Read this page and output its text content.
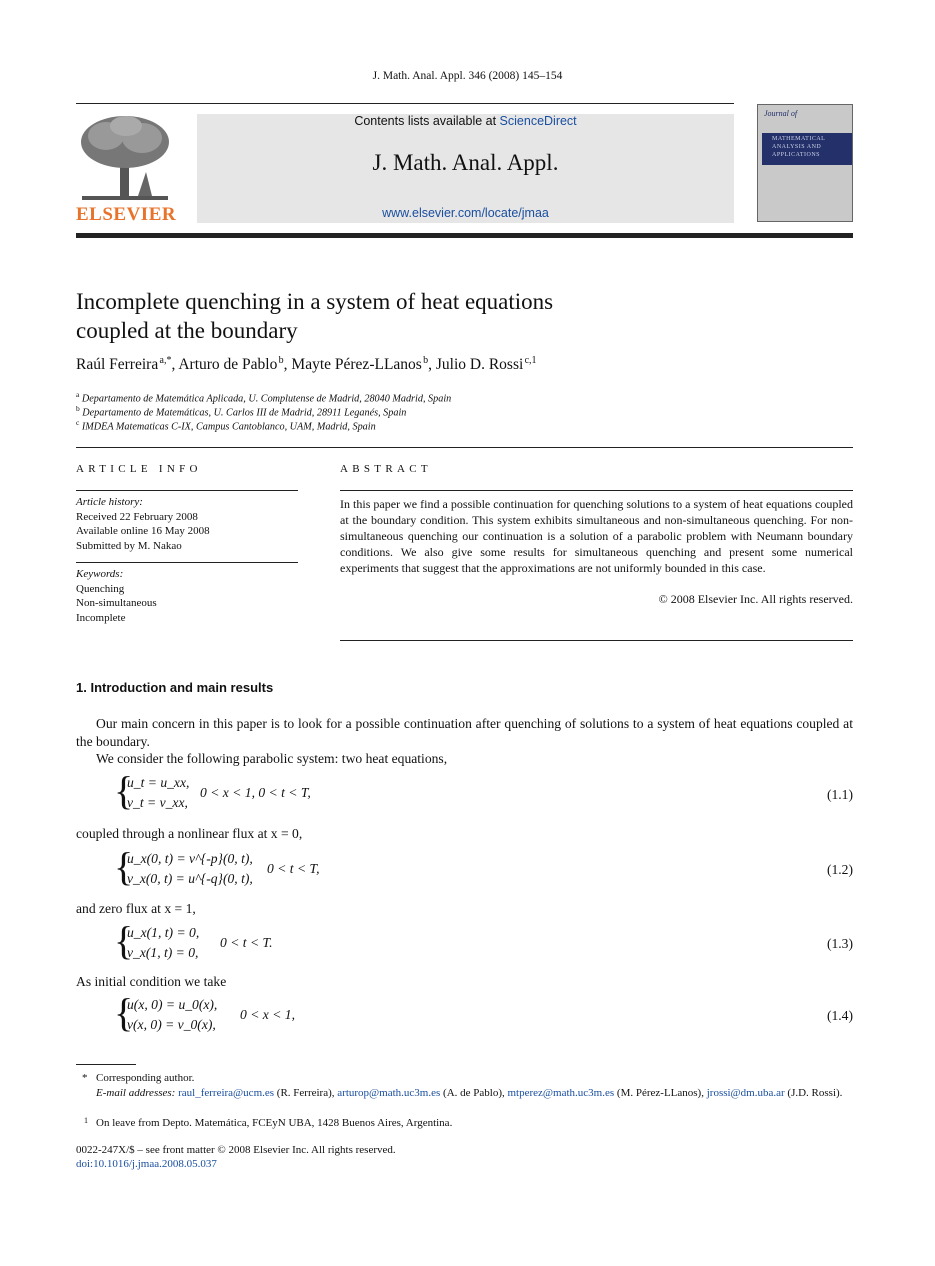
J. Math. Anal. Appl. 346 (2008) 145–154
ELSEVIER
Contents lists available at ScienceDirect
J. Math. Anal. Appl.
www.elsevier.com/locate/jmaa
Journal of
MATHEMATICAL ANALYSIS AND APPLICATIONS
Incomplete quenching in a system of heat equations
coupled at the boundary
Raúl Ferreira $^{a,*}$, Arturo de Pablo $^b$, Mayte Pérez-LLanos $^b$, Julio D. Rossi $^{c,1}$
$^a$ Departamento de Matemática Aplicada, U. Complutense de Madrid, 28040 Madrid, Spain
$^b$ Departamento de Matemáticas, U. Carlos III de Madrid, 28911 Leganés, Spain
$^c$ IMDEA Matematicas C-IX, Campus Cantoblanco, UAM, Madrid, Spain
ARTICLE INFO
Article history:
Received 22 February 2008
Available online 16 May 2008
Submitted by M. Nakao
Keywords:
Quenching
Non-simultaneous
Incomplete
ABSTRACT
In this paper we find a possible continuation for quenching solutions to a system of heat equations coupled at the boundary condition. This system exhibits simultaneous and non-simultaneous quenching. For non-simultaneous quenching our continuation is a solution of a parabolic problem with Neumann boundary conditions. We also give some results for simultaneous quenching and present some numerical experiments that suggest that the approximations are not uniformly bounded in this case.
© 2008 Elsevier Inc. All rights reserved.
1. Introduction and main results
Our main concern in this paper is to look for a possible continuation after quenching of solutions to a system of heat equations coupled at the boundary.
We consider the following parabolic system: two heat equations,
{
u_t = u_xx,
v_t = v_xx,
0 < x < 1, 0 < t < T,	(1.1)
coupled through a nonlinear flux at x = 0,
{
u_x(0, t) = v^{-p}(0, t),
v_x(0, t) = u^{-q}(0, t),
0 < t < T,	(1.2)
and zero flux at x = 1,
{
u_x(1, t) = 0,
v_x(1, t) = 0,
0 < t < T.	(1.3)
As initial condition we take
{
u(x, 0) = u_0(x),
v(x, 0) = v_0(x),
0 < x < 1,	(1.4)
* Corresponding author.
E-mail addresses: raul_ferreira@ucm.es (R. Ferreira), arturop@math.uc3m.es (A. de Pablo), mtperez@math.uc3m.es (M. Pérez-LLanos), jrossi@dm.uba.ar (J.D. Rossi).
1 On leave from Depto. Matemática, FCEyN UBA, 1428 Buenos Aires, Argentina.
0022-247X/$ – see front matter © 2008 Elsevier Inc. All rights reserved.
doi:10.1016/j.jmaa.2008.05.037
